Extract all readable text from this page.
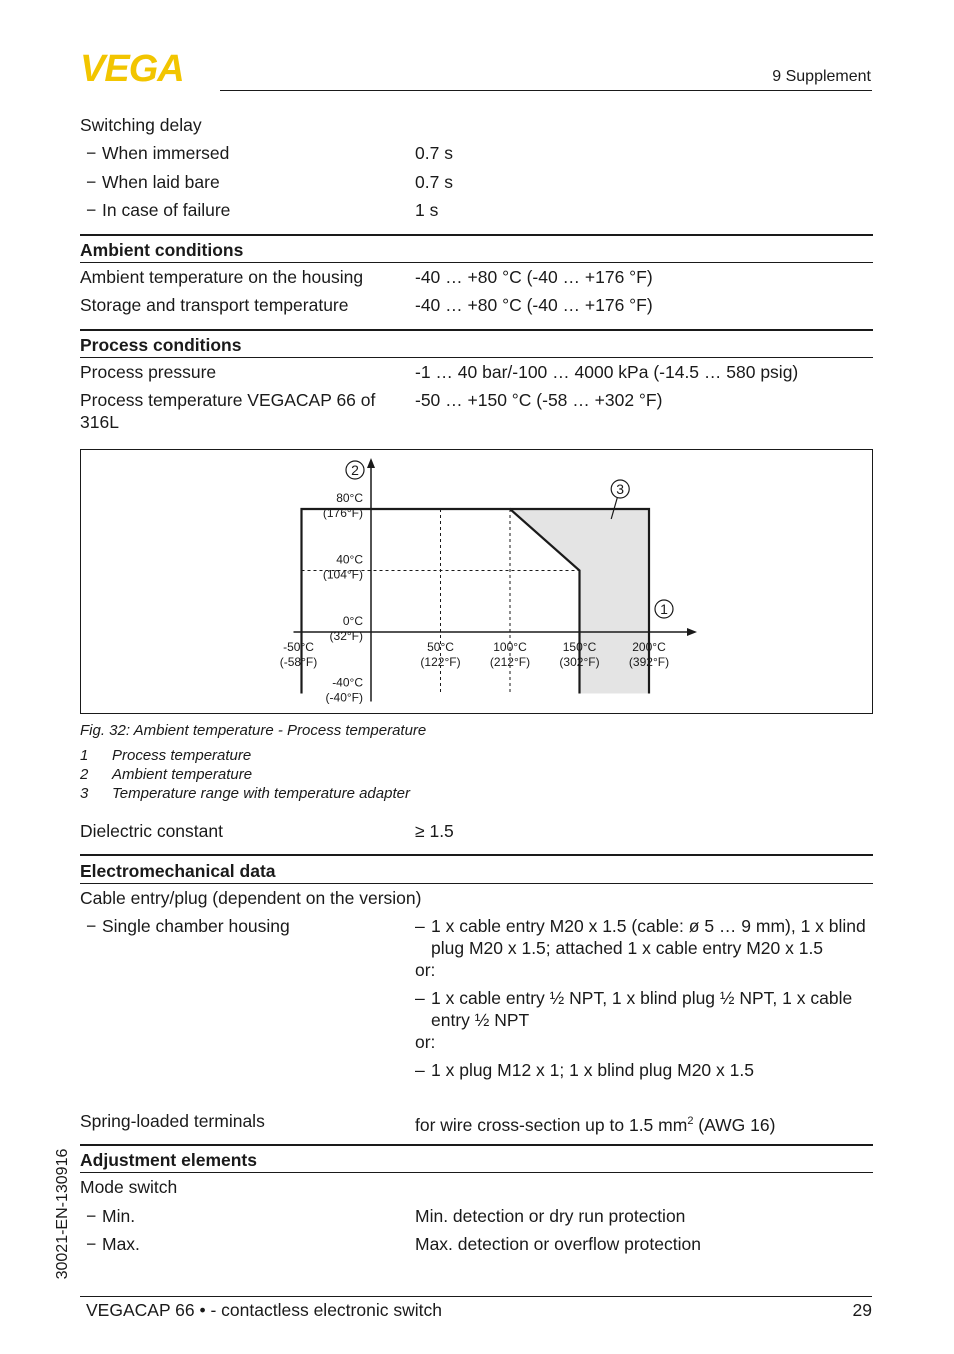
VEGA	9 Supplement
Switching delay
− When immersed	0.7 s
− When laid bare	0.7 s
− In case of failure	1 s
Ambient conditions
Ambient temperature on the housing	-40 … +80 °C (-40 … +176 °F)
Storage and transport temperature	-40 … +80 °C (-40 … +176 °F)
Process conditions
Process pressure	-1 … 40 bar/-100 … 4000 kPa (-14.5 … 580 psig)
Process temperature VEGACAP 66 of 316L
-50 … +150 °C (-58 … +302 °F)
80°C
(176°F)
40°C
(104°F)
0°C
(32°F)
-40°C
(-40°F)
-50°C
(-58°F)
50°C
(122°F)
100°C
(212°F)
150°C
(302°F)
200°C
(392°F)
2
1
3
Fig. 32: Ambient temperature - Process temperature
1 Process temperature
2 Ambient temperature
3 Temperature range with temperature adapter
Dielectric constant	≥ 1.5
Electromechanical data
Cable entry/plug (dependent on the version)
− Single chamber housing
–	1 x cable entry M20 x 1.5 (cable: ø 5 … 9 mm), 1 x blind plug M20 x 1.5; attached 1 x cable entry M20 x 1.5
or:
– 1 x cable entry ½ NPT, 1 x blind plug ½ NPT, 1 x cable entry ½ NPT
or:
– 1 x plug M12 x 1; 1 x blind plug M20 x 1.5
Spring-loaded terminals	for wire cross-section up to 1.5 $mm^2$ (AWG 16)
Adjustment elements
Mode switch
− Min.	Min. detection or dry run protection
− Max.	Max. detection or overflow protection
30021-EN-130916
VEGACAP 66 • - contactless electronic switch	29
